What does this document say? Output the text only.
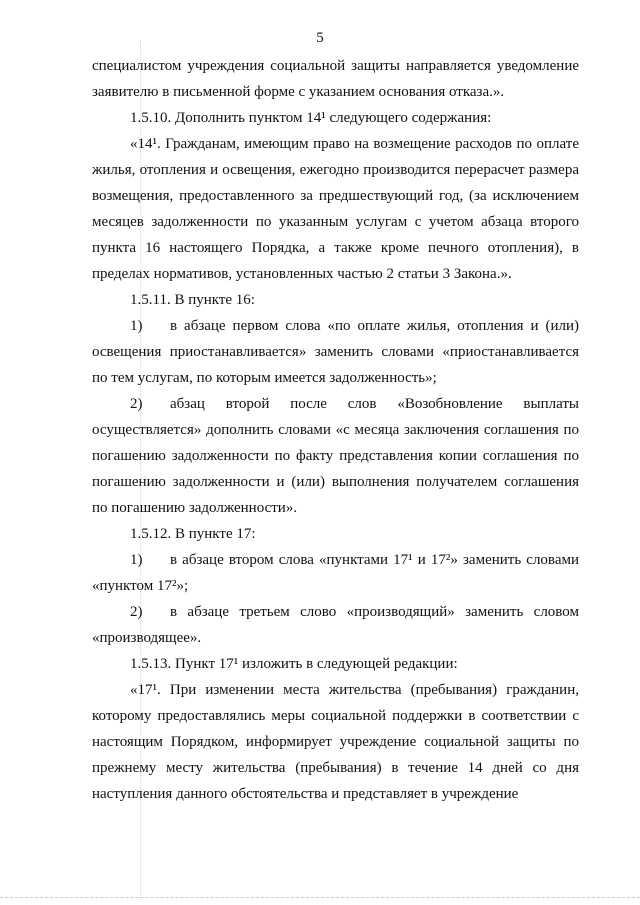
5

специалистом учреждения социальной защиты направляется уведомление заявителю в письменной форме с указанием основания отказа.».

1.5.10. Дополнить пунктом 14¹ следующего содержания:

«14¹. Гражданам, имеющим право на возмещение расходов по оплате жилья, отопления и освещения, ежегодно производится перерасчет размера возмещения, предоставленного за предшествующий год, (за исключением месяцев задолженности по указанным услугам с учетом абзаца второго пункта 16 настоящего Порядка, а также кроме печного отопления), в пределах нормативов, установленных частью 2 статьи 3 Закона.».

1.5.11. В пункте 16:

1) в абзаце первом слова «по оплате жилья, отопления и (или) освещения приостанавливается» заменить словами «приостанавливается по тем услугам, по которым имеется задолженность»;

2) абзац второй после слов «Возобновление выплаты осуществляется» дополнить словами «с месяца заключения соглашения по погашению задолженности по факту представления копии соглашения по погашению задолженности и (или) выполнения получателем соглашения по погашению задолженности».

1.5.12. В пункте 17:

1) в абзаце втором слова «пунктами 17¹ и 17²» заменить словами «пунктом 17²»;

2) в абзаце третьем слово «производящий» заменить словом «производящее».

1.5.13. Пункт 17¹ изложить в следующей редакции:

«17¹. При изменении места жительства (пребывания) гражданин, которому предоставлялись меры социальной поддержки в соответствии с настоящим Порядком, информирует учреждение социальной защиты по прежнему месту жительства (пребывания) в течение 14 дней со дня наступления данного обстоятельства и представляет в учреждение
